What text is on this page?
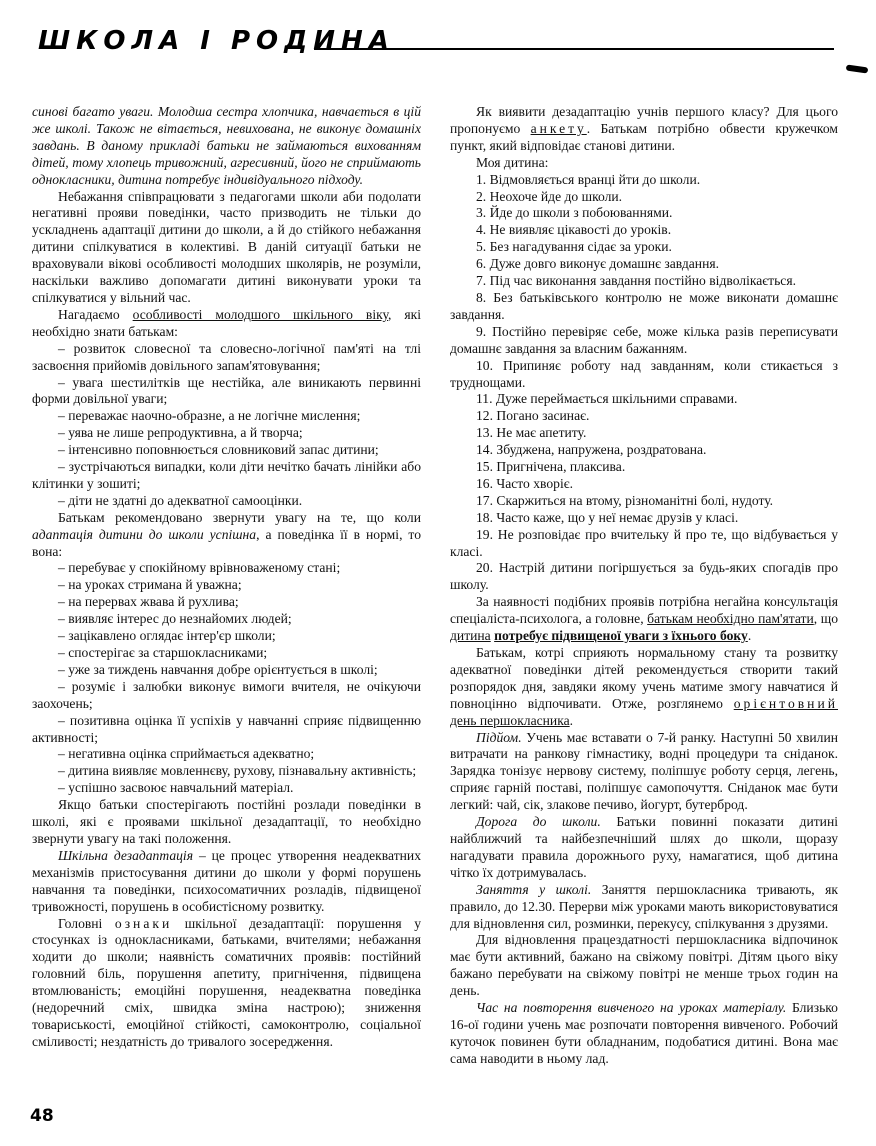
ШКОЛА І РОДИНА

синові багато уваги. Молодша сестра хлопчика, навчається в цій же школі. Також не вітається, невихована, не виконує домашніх завдань. В даному прикладі батьки не займаються вихованням дітей, тому хлопець тривожний, агресивний, його не сприймають однокласники, дитина потребує індивідуального підходу.

Небажання співпрацювати з педагогами школи аби подолати негативні прояви поведінки, часто призводить не тільки до ускладнень адаптації дитини до школи, а й до стійкого небажання дитини спілкуватися в колективі. В даній ситуації батьки не враховували вікові особливості молодших школярів, не розуміли, наскільки важливо допомагати дитині виконувати уроки та спілкуватися у вільний час.

Нагадаємо особливості молодшого шкільного віку, які необхідно знати батькам:

– розвиток словесної та словесно-логічної пам'яті на тлі засвоєння прийомів довільного запам'ятовування;
– увага шестилітків ще нестійка, але виникають первинні форми довільної уваги;
– переважає наочно-образне, а не логічне мислення;
– уява не лише репродуктивна, а й творча;
– інтенсивно поповнюється словниковий запас дитини;
– зустрічаються випадки, коли діти нечітко бачать лінійки або клітинки у зошиті;
– діти не здатні до адекватної самооцінки.

Батькам рекомендовано звернути увагу на те, що коли адаптація дитини до школи успішна, а поведінка її в нормі, то вона:

– перебуває у спокійному врівноваженому стані;
– на уроках стримана й уважна;
– на перервах жвава й рухлива;
– виявляє інтерес до незнайомих людей;
– зацікавлено оглядає інтер'єр школи;
– спостерігає за старшокласниками;
– уже за тиждень навчання добре орієнтується в школі;
– розуміє і залюбки виконує вимоги вчителя, не очікуючи заохочень;
– позитивна оцінка її успіхів у навчанні сприяє підвищенню активності;
– негативна оцінка сприймається адекватно;
– дитина виявляє мовленнєву, рухову, пізнавальну активність;
– успішно засвоює навчальний матеріал.

Якщо батьки спостерігають постійні розлади поведінки в школі, які є проявами шкільної дезадаптації, то необхідно звернути увагу на такі положення.

Шкільна дезадаптація – це процес утворення неадекватних механізмів пристосування дитини до школи у формі порушень навчання та поведінки, психосоматичних розладів, підвищеної тривожності, порушень в особистісному розвитку.

Головні ознаки шкільної дезадаптації: порушення у стосунках із однокласниками, батьками, вчителями; небажання ходити до школи; наявність соматичних проявів: постійний головний біль, порушення апетиту, пригнічення, підвищена втомлюваність; емоційні порушення, неадекватна поведінка (недоречний сміх, швидка зміна настрою); зниження товариськості, емоційної стійкості, самоконтролю, соціальної сміливості; нездатність до тривалого зосередження.

Як виявити дезадаптацію учнів першого класу? Для цього пропонуємо анкету. Батькам потрібно обвести кружечком пункт, який відповідає станові дитини.

Моя дитина:
1. Відмовляється вранці йти до школи.
2. Неохоче йде до школи.
3. Йде до школи з побоюваннями.
4. Не виявляє цікавості до уроків.
5. Без нагадування сідає за уроки.
6. Дуже довго виконує домашнє завдання.
7. Під час виконання завдання постійно відволікається.
8. Без батьківського контролю не може виконати домашнє завдання.
9. Постійно перевіряє себе, може кілька разів переписувати домашнє завдання за власним бажанням.
10. Припиняє роботу над завданням, коли стикається з труднощами.
11. Дуже переймається шкільними справами.
12. Погано засинає.
13. Не має апетиту.
14. Збуджена, напружена, роздратована.
15. Пригнічена, плаксива.
16. Часто хворіє.
17. Скаржиться на втому, різноманітні болі, нудоту.
18. Часто каже, що у неї немає друзів у класі.
19. Не розповідає про вчительку й про те, що відбувається у класі.
20. Настрій дитини погіршується за будь-яких спогадів про школу.

За наявності подібних проявів потрібна негайна консультація спеціаліста-психолога, а головне, батькам необхідно пам'ятати, що дитина потребує підвищеної уваги з їхнього боку.

Батькам, котрі сприяють нормальному стану та розвитку адекватної поведінки дітей рекомендується створити такий розпорядок дня, завдяки якому учень матиме змогу навчатися й повноцінно відпочивати. Отже, розглянемо орієнтовний день першокласника.

Підйом. Учень має вставати о 7-й ранку. Наступні 50 хвилин витрачати на ранкову гімнастику, водні процедури та сніданок. Зарядка тонізує нервову систему, поліпшує роботу серця, легень, сприяє гарній поставі, поліпшує самопочуття. Сніданок має бути легкий: чай, сік, злакове печиво, йогурт, бутерброд.

Дорога до школи. Батьки повинні показати дитині найближчий та найбезпечніший шлях до школи, щоразу нагадувати правила дорожнього руху, намагатися, щоб дитина чітко їх дотримувалась.

Заняття у школі. Заняття першокласника тривають, як правило, до 12.30. Перерви між уроками мають використовуватися для відновлення сил, розминки, перекусу, спілкування з друзями.

Для відновлення працездатності першокласника відпочинок має бути активний, бажано на свіжому повітрі. Дітям цього віку бажано перебувати на свіжому повітрі не менше трьох годин на день.

Час на повторення вивченого на уроках матеріалу. Близько 16-ої години учень має розпочати повторення вивченого. Робочий куточок повинен бути обладнаним, подобатися дитині. Вона має сама наводити в ньому лад.

48
